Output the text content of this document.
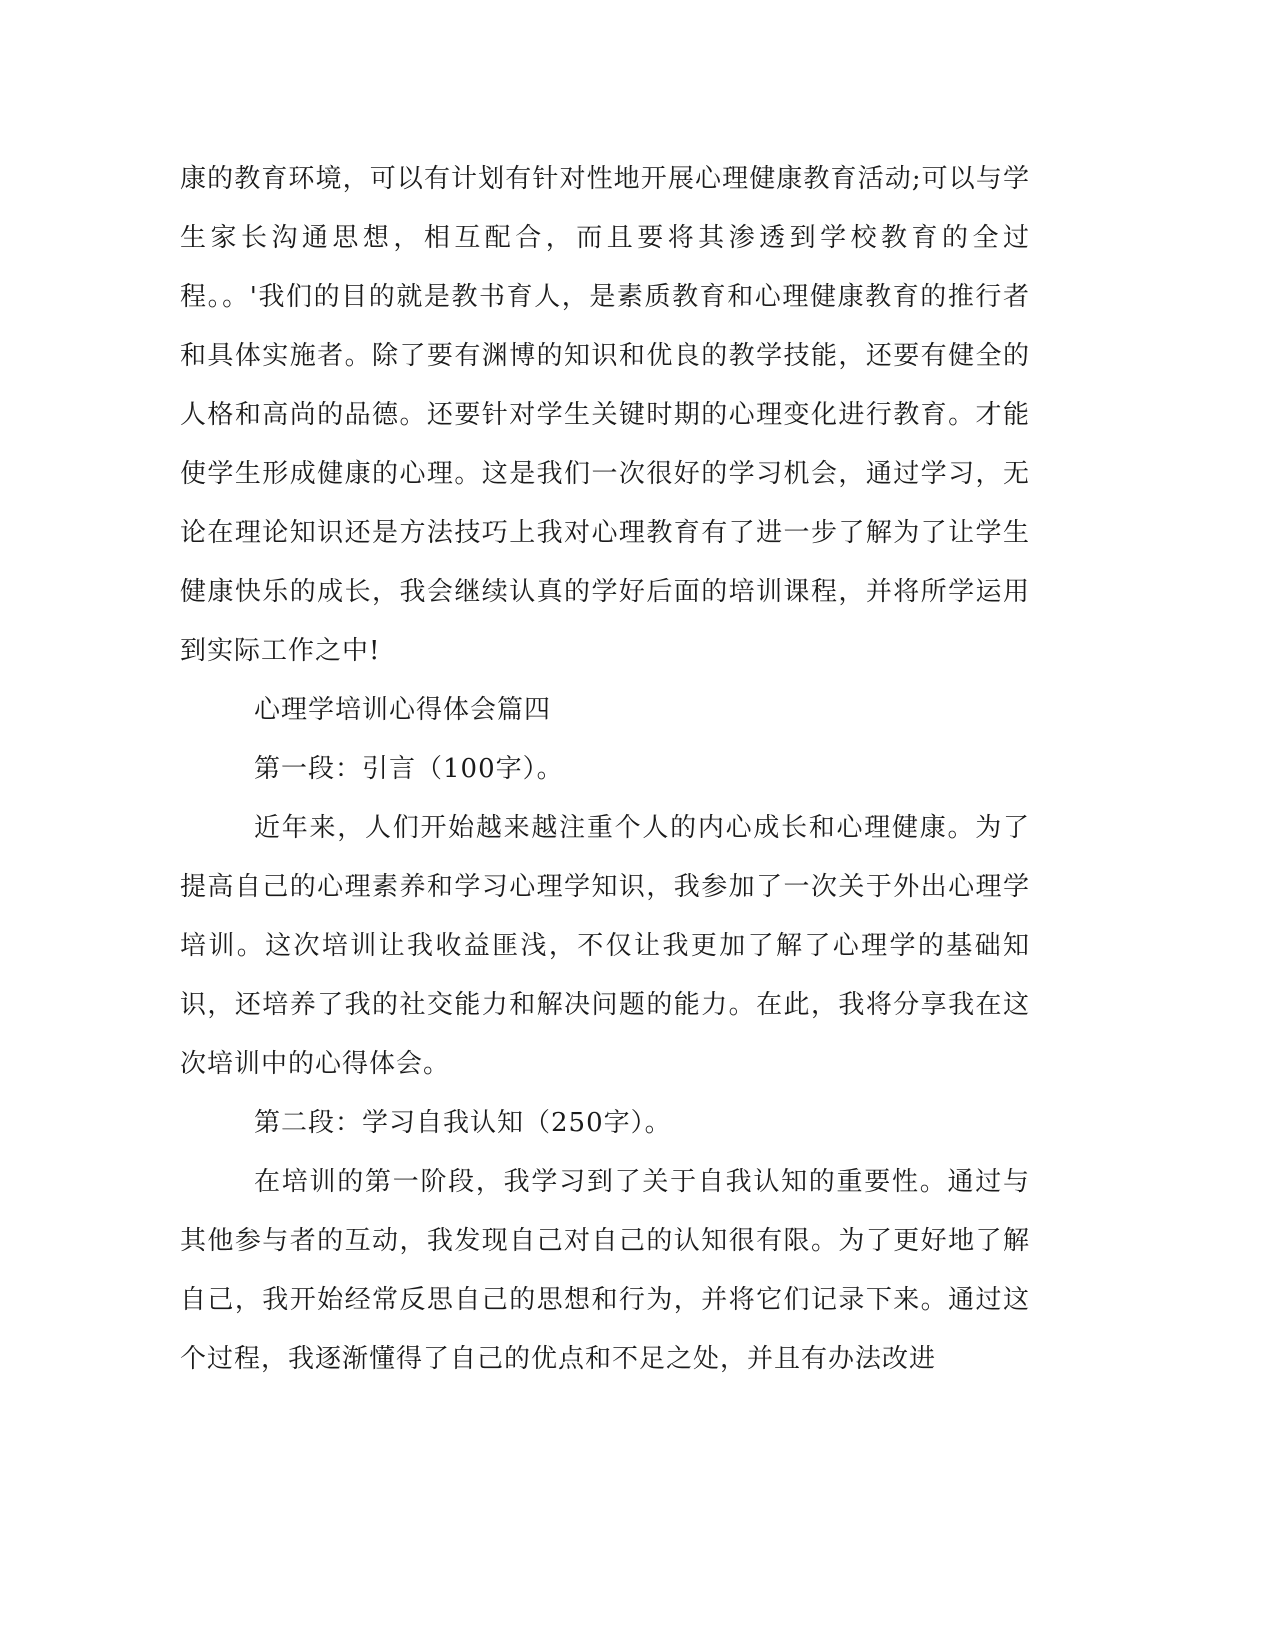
康的教育环境，可以有计划有针对性地开展心理健康教育活动;可以与学生家长沟通思想，相互配合，而且要将其渗透到学校教育的全过程。。'我们的目的就是教书育人，是素质教育和心理健康教育的推行者和具体实施者。除了要有渊博的知识和优良的教学技能，还要有健全的人格和高尚的品德。还要针对学生关键时期的心理变化进行教育。才能使学生形成健康的心理。这是我们一次很好的学习机会，通过学习，无论在理论知识还是方法技巧上我对心理教育有了进一步了解为了让学生健康快乐的成长，我会继续认真的学好后面的培训课程，并将所学运用到实际工作之中!

心理学培训心得体会篇四

第一段：引言（100字）。

近年来，人们开始越来越注重个人的内心成长和心理健康。为了提高自己的心理素养和学习心理学知识，我参加了一次关于外出心理学培训。这次培训让我收益匪浅，不仅让我更加了解了心理学的基础知识，还培养了我的社交能力和解决问题的能力。在此，我将分享我在这次培训中的心得体会。

第二段：学习自我认知（250字）。

在培训的第一阶段，我学习到了关于自我认知的重要性。通过与其他参与者的互动，我发现自己对自己的认知很有限。为了更好地了解自己，我开始经常反思自己的思想和行为，并将它们记录下来。通过这个过程，我逐渐懂得了自己的优点和不足之处，并且有办法改进
